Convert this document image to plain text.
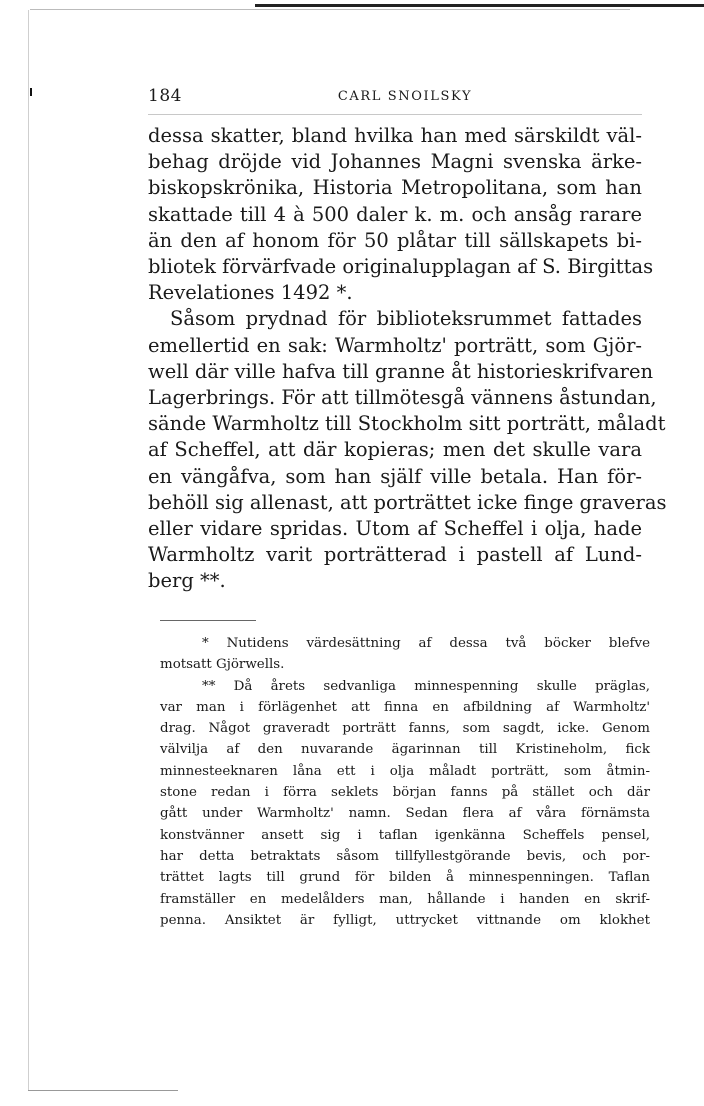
184	CARL SNOILSKY
dessa skatter, bland hvilka han med särskildt väl-
behag dröjde vid Johannes Magni svenska ärke-
biskopskrönika, Historia Metropolitana, som han
skattade till 4 à 500 daler k. m. och ansåg rarare
än den af honom för 50 plåtar till sällskapets bi-
bliotek förvärfvade originalupplagan af S. Birgittas
Revelationes 1492 *.
Såsom prydnad för biblioteksrummet fattades
emellertid en sak: Warmholtz' porträtt, som Gjör-
well där ville hafva till granne åt historieskrifvaren
Lagerbrings. För att tillmötesgå vännens åstundan,
sände Warmholtz till Stockholm sitt porträtt, måladt
af Scheffel, att där kopieras; men det skulle vara
en vängåfva, som han själf ville betala. Han för-
behöll sig allenast, att porträttet icke finge graveras
eller vidare spridas. Utom af Scheffel i olja, hade
Warmholtz varit porträtterad i pastell af Lund-
berg **.
* Nutidens värdesättning af dessa två böcker blefve
motsatt Gjörwells.
** Då årets sedvanliga minnespenning skulle präglas,
var man i förlägenhet att finna en afbildning af Warmholtz'
drag. Något graveradt porträtt fanns, som sagdt, icke. Genom
välvilja af den nuvarande ägarinnan till Kristineholm, fick
minnesteeknaren låna ett i olja måladt porträtt, som åtmin-
stone redan i förra seklets början fanns på stället och där
gått under Warmholtz' namn. Sedan flera af våra förnämsta
konstvänner ansett sig i taflan igenkänna Scheffels pensel,
har detta betraktats såsom tillfyllestgörande bevis, och por-
trättet lagts till grund för bilden å minnespenningen. Taflan
framställer en medelålders man, hållande i handen en skrif-
penna. Ansiktet är fylligt, uttrycket vittnande om klokhet
